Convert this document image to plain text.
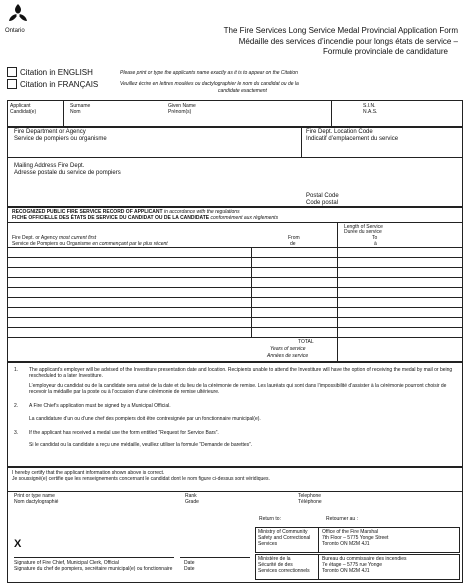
Ontario	The Fire Services Long Service Medal Provincial Application Form
Médaille des services d’incendie pour longs états de service –
Formule provinciale de candidature
Citation in ENGLISH
Citation in FRANÇAIS
Please print or type the applicants name exactly as it is to appear on the Citation
Veuillez écrire en lettres moulées ou dactylographier le nom du candidat ou de la
candidate exactement
Applicant
Candidat(e)
Surname
Nom
Given Name
Prénom(s)
S.I.N.
N.A.S.
Fire Department or Agency
Service de pompiers ou organisme
Fire Dept. Location Code
Indicatif d’emplacement du service
Mailing Address Fire Dept.
Adresse postale du service de pompiers
Postal Code
Code postal
RECOGNIZED PUBLIC FIRE SERVICE RECORD OF APPLICANT in accordance with the regulations
FICHE OFFICIELLE DES ÉTATS DE SERVICE DU CANDIDAT OU DE LA CANDIDATE conformément aux règlements
Length of Service
Durée du service
Fire Dept. or Agency most current first
Service de Pompiers ou Organisme en commençant par le plus récent
From
de
To
à
TOTAL
Years of service
Années de service
1. The applicant’s employer will be advised of the Investiture presentation date and location. Recipients unable to attend the Investiture will have the option of receiving the medal by mail or being rescheduled to a later Investiture.
L’employeur du candidat ou de la candidate sera avisé de la date et du lieu de la cérémonie de remise. Les lauréats qui sont dans l’impossibilité d’assister à la cérémonie pourront choisir de recevoir la médaille par la poste ou à l’occasion d’une cérémonie de remise ultérieure.
2. A Fire Chief’s application must be signed by a Municipal Official.
La candidature d’un ou d’une chef des pompiers doit être contresignée par un fonctionnaire municipal(e).
3. If the applicant has received a medal use the form entitled “Request for Service Bars”.
Si le candidat ou la candidate a reçu une médaille, veuillez utiliser la formule “Demande de barettes”.
I hereby certify that the applicant information shown above is correct.
Je soussigné(e) certifie que les renseignements concernant le candidat dont le nom figure ci-dessus sont véridiques.
Print or type name
Nom dactylographié
Rank
Grade
Telephone
Téléphone
Return to:	Retourner au :
X
Signature of Fire Chief, Municipal Clerk, Official
Signature du chef de pompiers, secrétaire municipal(e) ou fonctionnaire
Date
Date
Ministry of Community
Safety and Correctional
Services
Office of the Fire Marshal
7th Floor – 5775 Yonge Street
Toronto ON M2M 4J1
Ministère de la
Sécurité de des
Services correctionnels
Bureau du commissaire des incendies
7e étage – 5775 rue Yonge
Toronto ON M2M 4J1
